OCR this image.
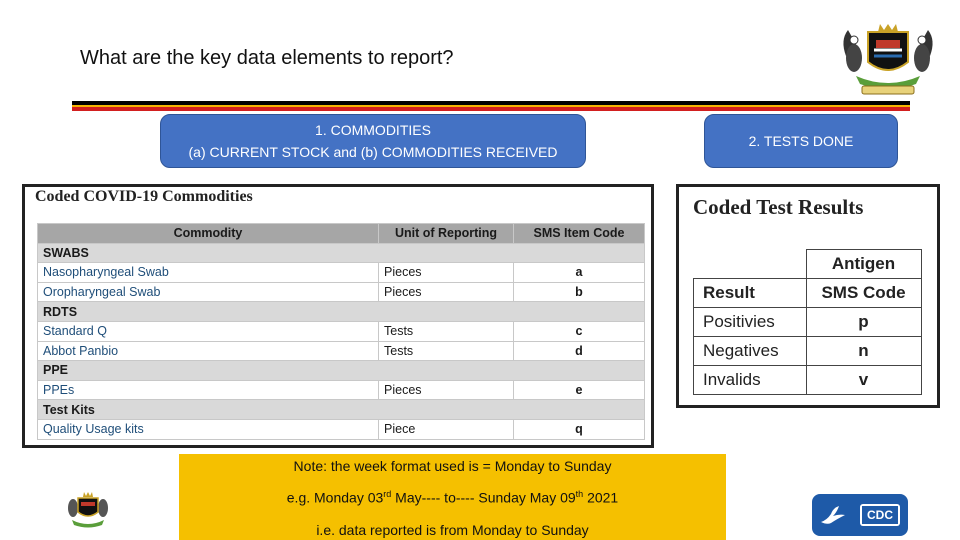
What are the key data elements to report?
1. COMMODITIES
(a) CURRENT STOCK and (b) COMMODITIES RECEIVED
2. TESTS DONE
Coded COVID-19 Commodities
Commodity	Unit of Reporting	SMS Item Code
SWABS		
Nasopharyngeal Swab	Pieces	a
Oropharyngeal Swab	Pieces	b
RDTS		
Standard Q	Tests	c
Abbot Panbio	Tests	d
PPE		
PPEs	Pieces	e
Test Kits		
Quality Usage kits	Piece	q
Coded Test Results
	Antigen
Result	SMS Code
Positivies	p
Negatives	n
Invalids	v
Note: the week format used is = Monday to Sunday
e.g. Monday 03rd May---- to---- Sunday May 09th 2021
i.e. data reported is from Monday to Sunday
CDC
